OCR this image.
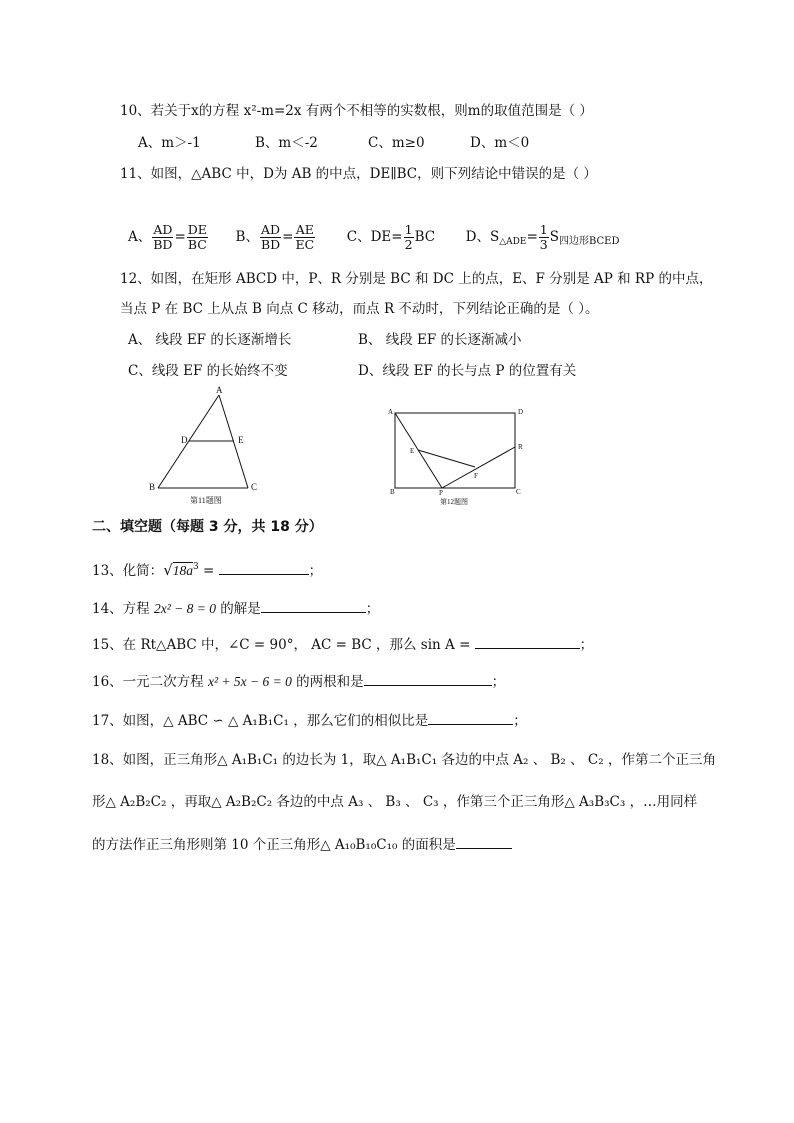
10、若关于x的方程 x²-m=2x 有两个不相等的实数根，则m的取值范围是（ ）
A、m＞-1	B、m＜-2	C、m≥0	D、m＜0
11、如图，△ABC 中，D为 AB 的中点，DE∥BC，则下列结论中错误的是（ ）
A、 $\frac{AD}{BD} = \frac{DE}{BC}$ B、 $\frac{AD}{BD} = \frac{AE}{EC}$ C、$DE= \frac{1}{2}$ BC D、$S_{\triangle ADE}= \frac{1}{3} S_{四边形BCED}$
12、如图，在矩形 ABCD 中，P、R 分别是 BC 和 DC 上的点，E、F 分别是 AP 和 RP 的中点，
当点 P 在 BC 上从点 B 向点 C 移动，而点 R 不动时，下列结论正确的是（ ）。
A、 线段 EF 的长逐渐增长	B、 线段 EF 的长逐渐减小
C、线段 EF 的长始终不变	D、线段 EF 的长与点 P 的位置有关
A
D	E
B	C
第11题图
A	D
E
F
R
B	P	C
第12题图
二、填空题（每题 3 分，共 18 分）
13、化简：$√18a^3$ =	；
14、方程 2x² − 8 = 0 的解是	；
15、在 Rt△ABC 中，∠C = 90°， AC = BC ，那么 sin A =	；
16、一元二次方程 x² + 5x − 6 = 0 的两根和是	；
17、如图，△ ABC ∽ △ A₁B₁C₁ ，那么它们的相似比是	；
18、如图，正三角形△ A₁B₁C₁ 的边长为 1，取△ A₁B₁C₁ 各边的中点 A₂ 、 B₂ 、 C₂ ，作第二个正三角
形△ A₂B₂C₂ ，再取△ A₂B₂C₂ 各边的中点 A₃ 、 B₃ 、 C₃ ，作第三个正三角形△ A₃B₃C₃ ，…用同样
的方法作正三角形则第 10 个正三角形△ A₁₀B₁₀C₁₀ 的面积是
